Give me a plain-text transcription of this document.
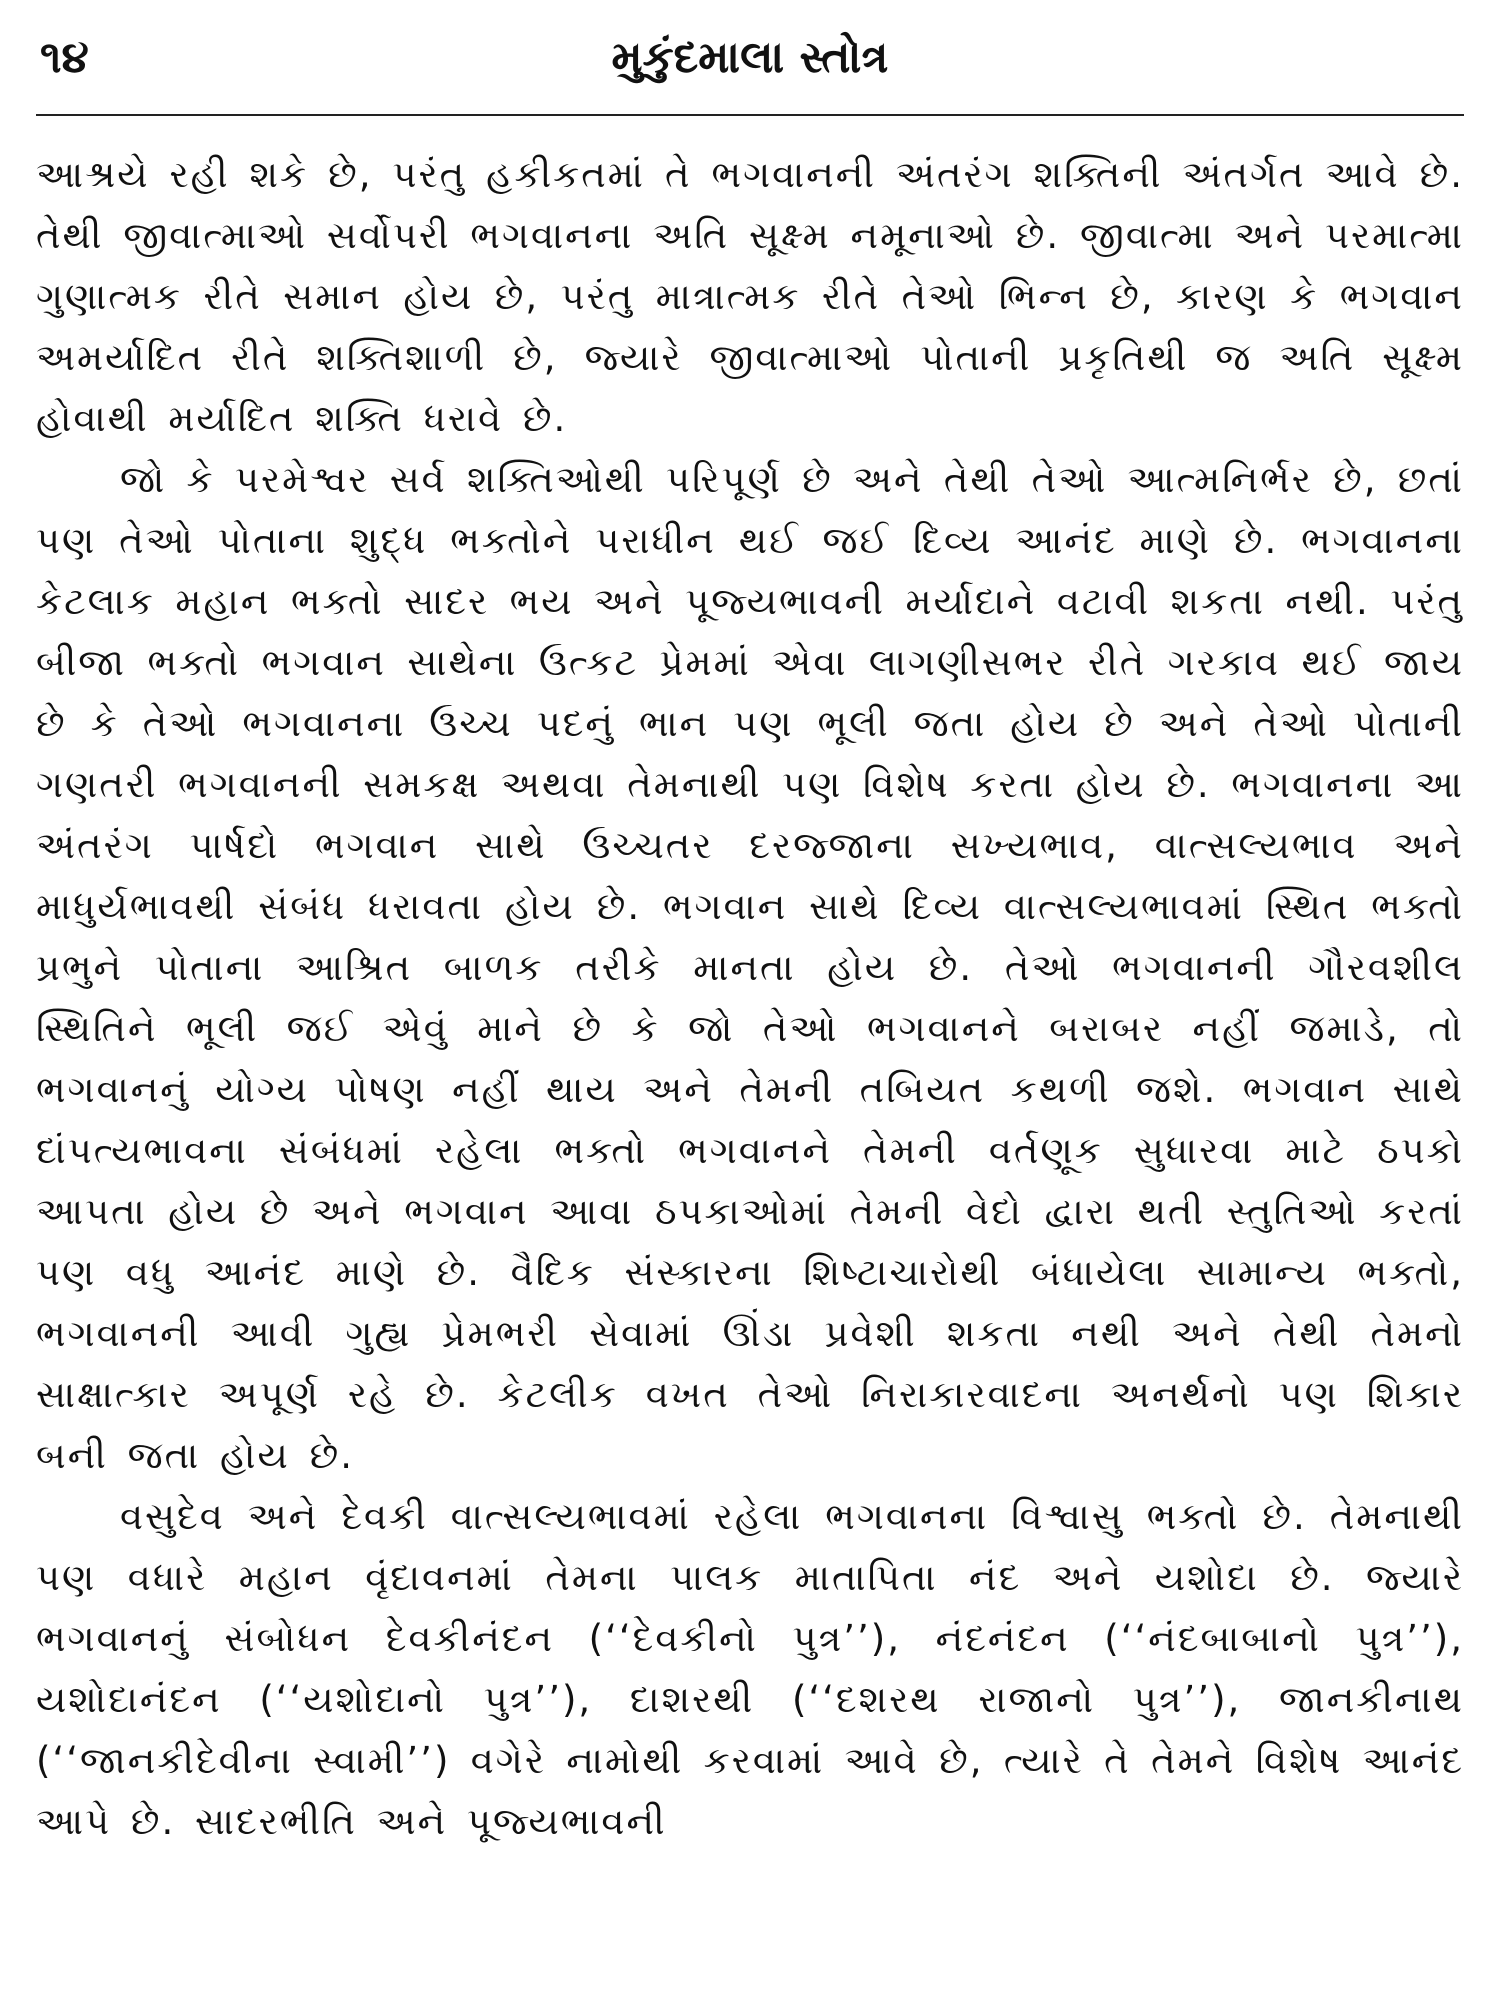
૧૪	મુકુંદમાલા સ્તોત્ર

આશ્રયે રહી શકે છે, પરંતુ હકીકતમાં તે ભગવાનની અંતરંગ શક્તિની અંતર્ગત આવે છે. તેથી જીવાત્માઓ સર્વોપરી ભગવાનના અતિ સૂક્ષ્મ નમૂનાઓ છે. જીવાત્મા અને પરમાત્મા ગુણાત્મક રીતે સમાન હોય છે, પરંતુ માત્રાત્મક રીતે તેઓ ભિન્ન છે, કારણ કે ભગવાન અમર્યાદિત રીતે શક્તિશાળી છે, જ્યારે જીવાત્માઓ પોતાની પ્રકૃતિથી જ અતિ સૂક્ષ્મ હોવાથી મર્યાદિત શક્તિ ધરાવે છે.

જો કે પરમેશ્વર સર્વ શક્તિઓથી પરિપૂર્ણ છે અને તેથી તેઓ આત્મનિર્ભર છે, છતાં પણ તેઓ પોતાના શુદ્ધ ભક્તોને પરાધીન થઈ જઈ દિવ્ય આનંદ માણે છે. ભગવાનના કેટલાક મહાન ભક્તો સાદર ભય અને પૂજ્યભાવની મર્યાદાને વટાવી શકતા નથી. પરંતુ બીજા ભક્તો ભગવાન સાથેના ઉત્કટ પ્રેમમાં એવા લાગણીસભર રીતે ગરકાવ થઈ જાય છે કે તેઓ ભગવાનના ઉચ્ચ પદનું ભાન પણ ભૂલી જતા હોય છે અને તેઓ પોતાની ગણતરી ભગવાનની સમકક્ષ અથવા તેમનાથી પણ વિશેષ કરતા હોય છે. ભગવાનના આ અંતરંગ પાર્ષદો ભગવાન સાથે ઉચ્ચતર દરજ્જાના સખ્યભાવ, વાત્સલ્યભાવ અને માધુર્યભાવથી સંબંધ ધરાવતા હોય છે. ભગવાન સાથે દિવ્ય વાત્સલ્યભાવમાં સ્થિત ભક્તો પ્રભુને પોતાના આશ્રિત બાળક તરીકે માનતા હોય છે. તેઓ ભગવાનની ગૌરવશીલ સ્થિતિને ભૂલી જઈ એવું માને છે કે જો તેઓ ભગવાનને બરાબર નહીં જમાડે, તો ભગવાનનું યોગ્ય પોષણ નહીં થાય અને તેમની તબિયત કથળી જશે. ભગવાન સાથે દાંપત્યભાવના સંબંધમાં રહેલા ભક્તો ભગવાનને તેમની વર્તણૂક સુધારવા માટે ઠપકો આપતા હોય છે અને ભગવાન આવા ઠપકાઓમાં તેમની વેદો દ્વારા થતી સ્તુતિઓ કરતાં પણ વધુ આનંદ માણે છે. વૈદિક સંસ્કારના શિષ્ટાચારોથી બંધાયેલા સામાન્ય ભક્તો, ભગવાનની આવી ગુહ્ય પ્રેમભરી સેવામાં ઊંડા પ્રવેશી શકતા નથી અને તેથી તેમનો સાક્ષાત્કાર અપૂર્ણ રહે છે. કેટલીક વખત તેઓ નિરાકારવાદના અનર્થનો પણ શિકાર બની જતા હોય છે.

વસુદેવ અને દેવકી વાત્સલ્યભાવમાં રહેલા ભગવાનના વિશ્વાસુ ભક્તો છે. તેમનાથી પણ વધારે મહાન વૃંદાવનમાં તેમના પાલક માતાપિતા નંદ અને યશોદા છે. જ્યારે ભગવાનનું સંબોધન દેવકીનંદન (‘‘દેવકીનો પુત્ર’’), નંદનંદન (‘‘નંદબાબાનો પુત્ર’’), યશોદાનંદન (‘‘યશોદાનો પુત્ર’’), દાશરથી (‘‘દશરથ રાજાનો પુત્ર’’), જાનકીનાથ (‘‘જાનકીદેવીના સ્વામી’’) વગેરે નામોથી કરવામાં આવે છે, ત્યારે તે તેમને વિશેષ આનંદ આપે છે. સાદરભીતિ અને પૂજ્યભાવની
